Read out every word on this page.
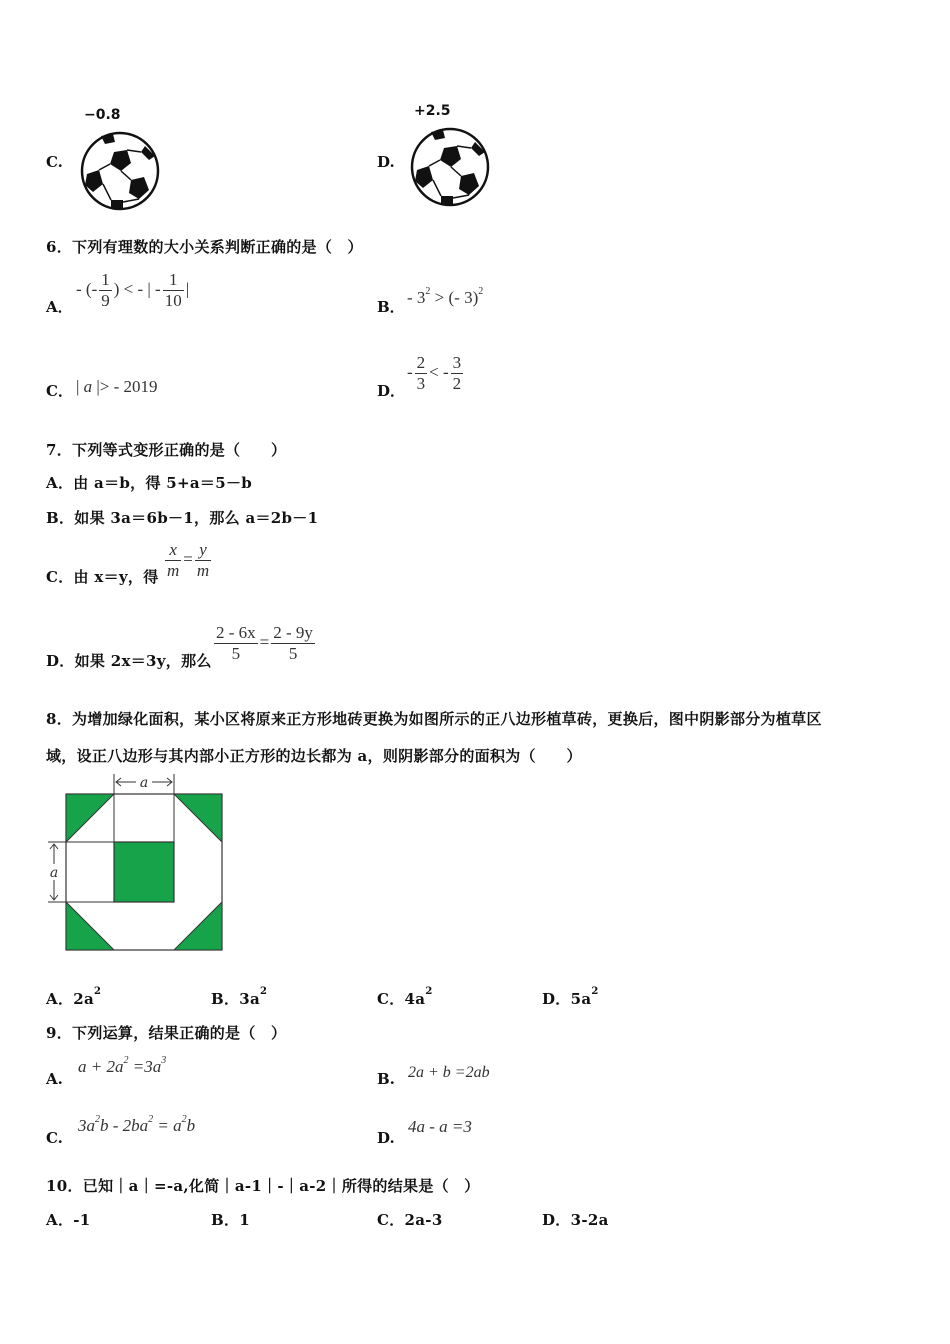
C.
−0.8
D.
+2.5
6．下列有理数的大小关系判断正确的是（　）
A．
- (- $\frac{1}{9}$ ) < - | - $\frac{1}{10}$ |
B． - $3^2$ > (- 3)$^2$
C． | a |> - 2019	D．
- $\frac{2}{3}$ < - $\frac{3}{2}$
7．下列等式变形正确的是（　　）
A．由 a＝b，得 5+a＝5－b
B．如果 3a＝6b－1，那么 a＝2b－1
C．由 x＝y，得 $\frac{x}{m} = \frac{y}{m}$
D．如果 2x＝3y，那么 $\frac{2 - 6x}{5} = \frac{2 - 9y}{5}$
8．为增加绿化面积，某小区将原来正方形地砖更换为如图所示的正八边形植草砖，更换后，图中阴影部分为植草区
域，设正八边形与其内部小正方形的边长都为 a，则阴影部分的面积为（　　）
a
a
A．$2a^2$	B．$3a^2$	C．$4a^2$	D．$5a^2$
9．下列运算，结果正确的是（　）
A.
$a + 2a^2 =3a^3$
B. 2a + b =2ab
C.
$3a^2b - 2ba^2 = a^2b$
D.
4a - a =3
10．已知｜a｜=-a,化简｜a-1｜-｜a-2｜所得的结果是（　）
A．-1	B．1	C．2a-3	D．3-2a
